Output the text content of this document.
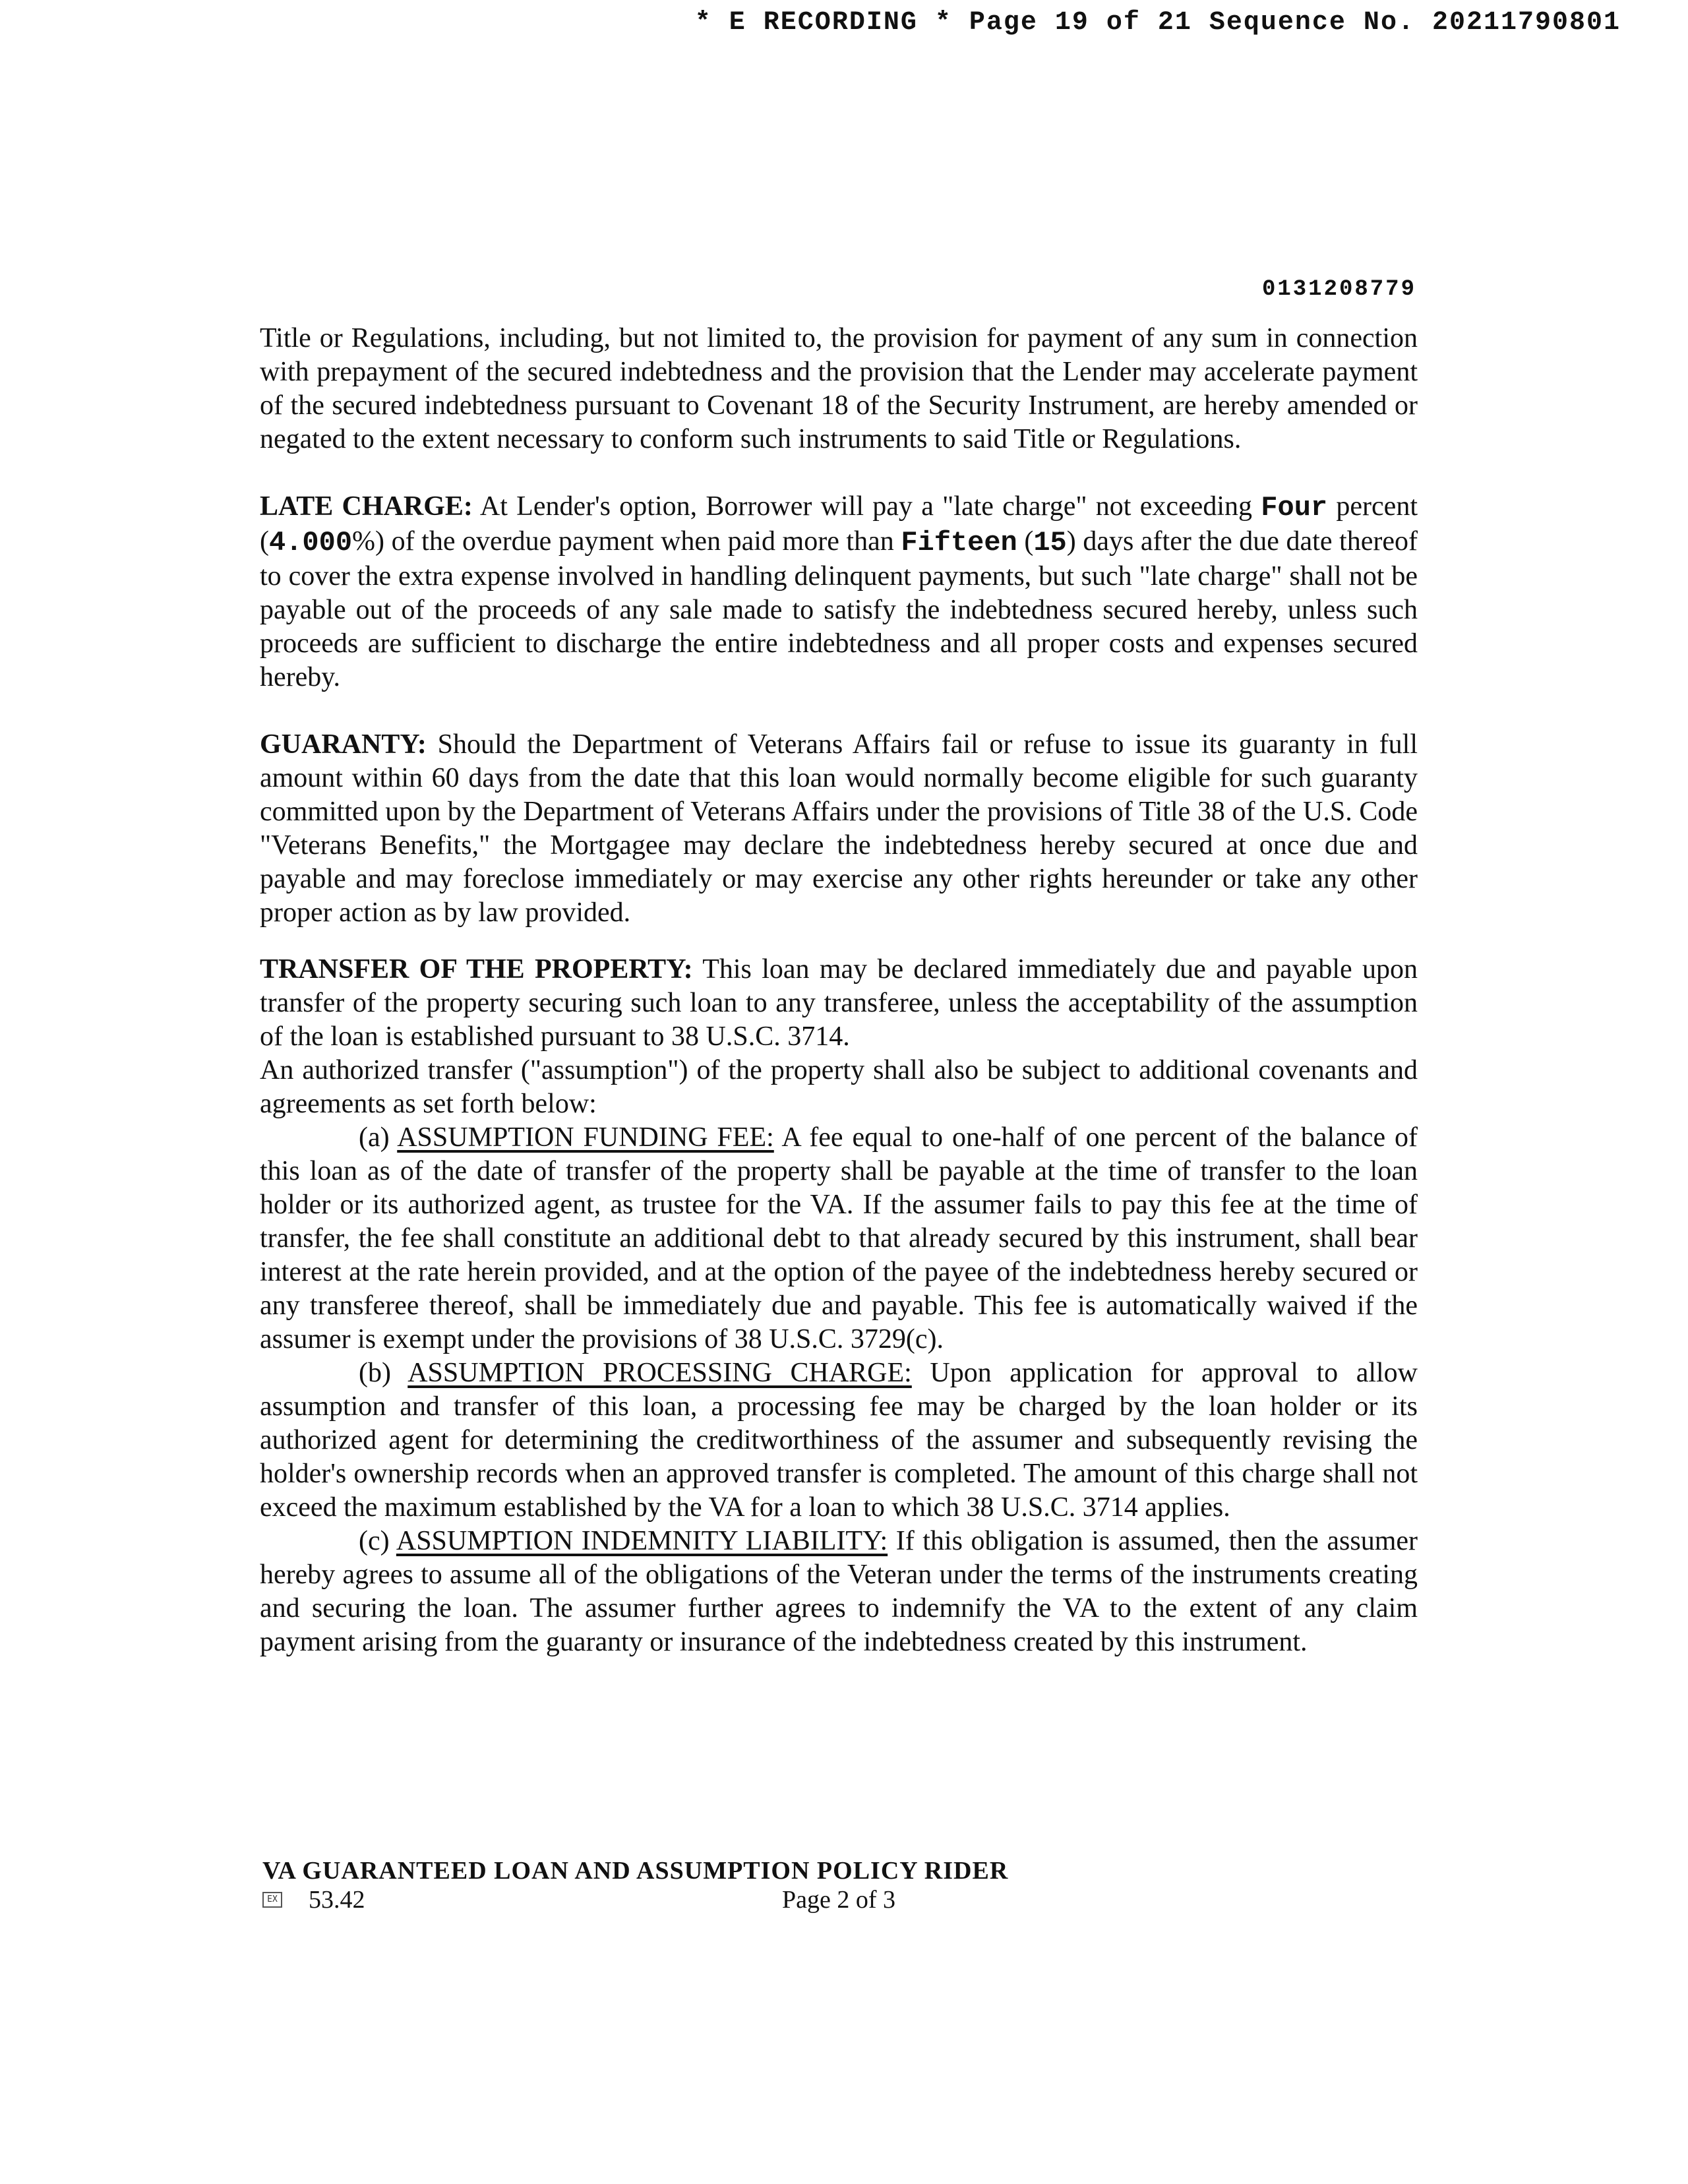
* E RECORDING * Page 19 of 21 Sequence No. 20211790801
0131208779

Title or Regulations, including, but not limited to, the provision for payment of any sum in connection with prepayment of the secured indebtedness and the provision that the Lender may accelerate payment of the secured indebtedness pursuant to Covenant 18 of the Security Instrument, are hereby amended or negated to the extent necessary to conform such instruments to said Title or Regulations.

LATE CHARGE: At Lender's option, Borrower will pay a "late charge" not exceeding Four percent (4.000%) of the overdue payment when paid more than Fifteen (15) days after the due date thereof to cover the extra expense involved in handling delinquent payments, but such "late charge" shall not be payable out of the proceeds of any sale made to satisfy the indebtedness secured hereby, unless such proceeds are sufficient to discharge the entire indebtedness and all proper costs and expenses secured hereby.

GUARANTY: Should the Department of Veterans Affairs fail or refuse to issue its guaranty in full amount within 60 days from the date that this loan would normally become eligible for such guaranty committed upon by the Department of Veterans Affairs under the provisions of Title 38 of the U.S. Code "Veterans Benefits," the Mortgagee may declare the indebtedness hereby secured at once due and payable and may foreclose immediately or may exercise any other rights hereunder or take any other proper action as by law provided.

TRANSFER OF THE PROPERTY: This loan may be declared immediately due and payable upon transfer of the property securing such loan to any transferee, unless the acceptability of the assumption of the loan is established pursuant to 38 U.S.C. 3714.

An authorized transfer ("assumption") of the property shall also be subject to additional covenants and agreements as set forth below:

(a) ASSUMPTION FUNDING FEE: A fee equal to one-half of one percent of the balance of this loan as of the date of transfer of the property shall be payable at the time of transfer to the loan holder or its authorized agent, as trustee for the VA. If the assumer fails to pay this fee at the time of transfer, the fee shall constitute an additional debt to that already secured by this instrument, shall bear interest at the rate herein provided, and at the option of the payee of the indebtedness hereby secured or any transferee thereof, shall be immediately due and payable. This fee is automatically waived if the assumer is exempt under the provisions of 38 U.S.C. 3729(c).

(b) ASSUMPTION PROCESSING CHARGE: Upon application for approval to allow assumption and transfer of this loan, a processing fee may be charged by the loan holder or its authorized agent for determining the creditworthiness of the assumer and subsequently revising the holder's ownership records when an approved transfer is completed. The amount of this charge shall not exceed the maximum established by the VA for a loan to which 38 U.S.C. 3714 applies.

(c) ASSUMPTION INDEMNITY LIABILITY: If this obligation is assumed, then the assumer hereby agrees to assume all of the obligations of the Veteran under the terms of the instruments creating and securing the loan. The assumer further agrees to indemnify the VA to the extent of any claim payment arising from the guaranty or insurance of the indebtedness created by this instrument.

VA GUARANTEED LOAN AND ASSUMPTION POLICY RIDER
EX 53.42	Page 2 of 3
